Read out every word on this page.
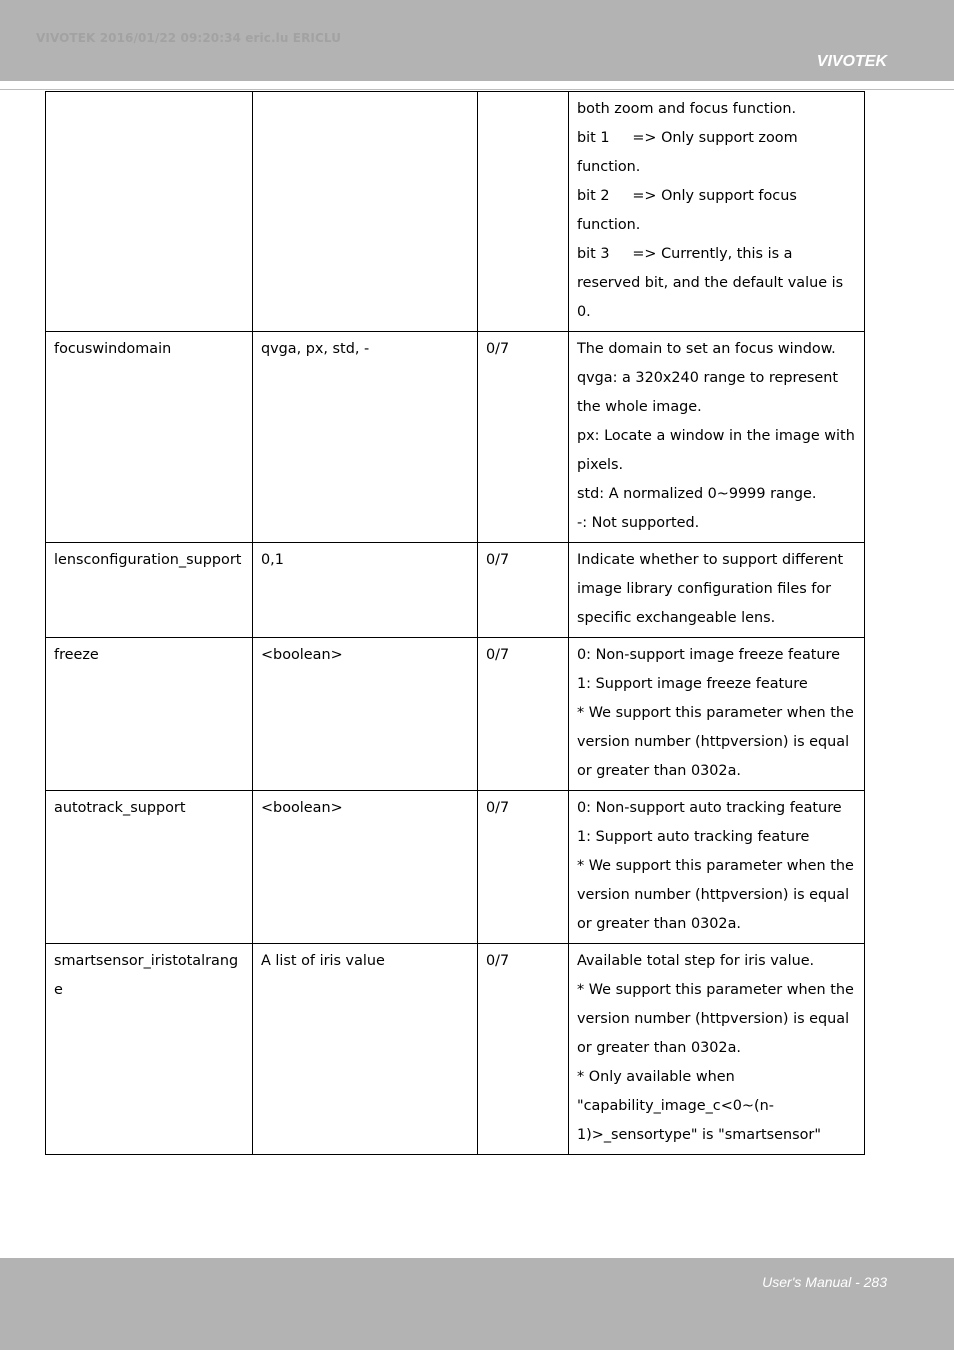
VIVOTEK 2016/01/22 09:20:34 eric.lu ERICLU
VIVOTEK

			both zoom and focus function.
bit 1     => Only support zoom function.
bit 2     => Only support focus function.
bit 3     => Currently, this is a reserved bit, and the default value is 0.

focuswindomain	qvga, px, std, -	0/7	The domain to set an focus window.
qvga: a 320x240 range to represent the whole image.
px: Locate a window in the image with pixels.
std: A normalized 0~9999 range.
-: Not supported.

lensconfiguration_support	0,1	0/7	Indicate whether to support different image library configuration files for specific exchangeable lens.

freeze	<boolean>	0/7	0: Non-support image freeze feature
1: Support image freeze feature
* We support this parameter when the version number (httpversion) is equal or greater than 0302a.

autotrack_support	<boolean>	0/7	0: Non-support auto tracking feature
1: Support auto tracking feature
* We support this parameter when the version number (httpversion) is equal or greater than 0302a.

smartsensor_iristotalrange	A list of iris value	0/7	Available total step for iris value.
* We support this parameter when the version number (httpversion) is equal or greater than 0302a.
* Only available when "capability_image_c<0~(n-1)>_sensortype" is "smartsensor"
User's Manual - 283
